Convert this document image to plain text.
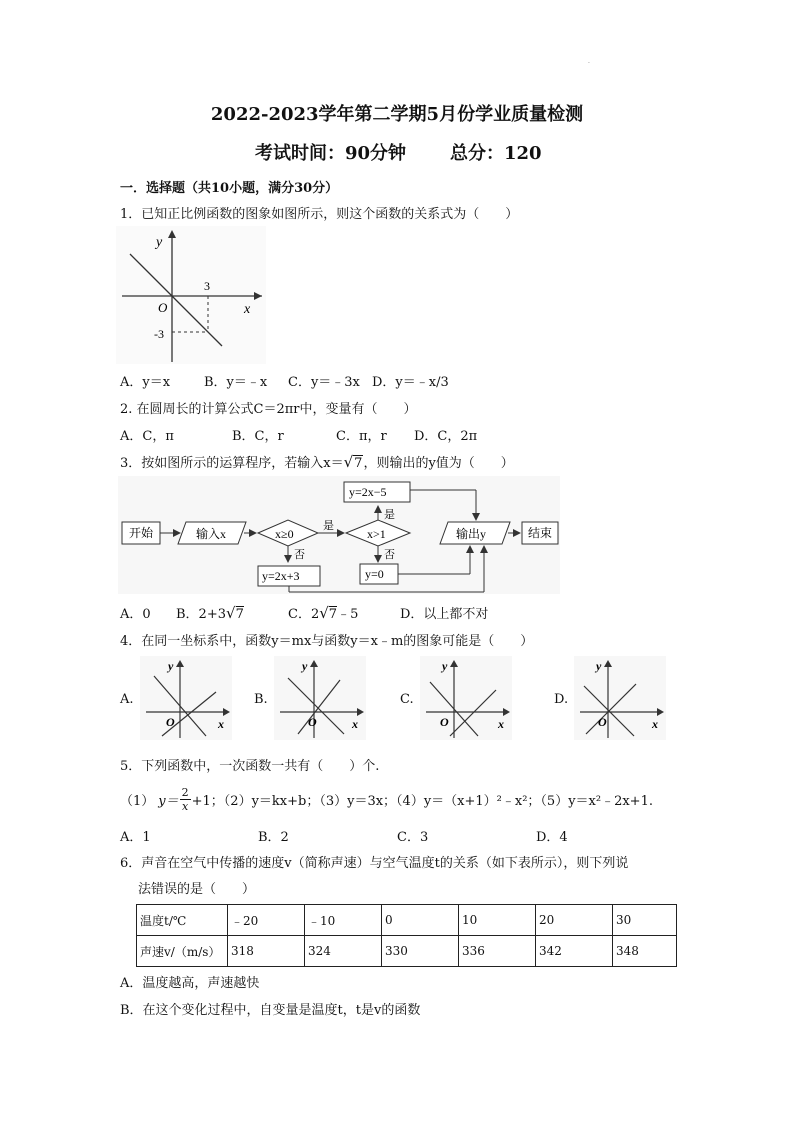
·
2022-2023学年第二学期5月份学业质量检测
考试时间：90分钟 总分：120
一．选择题（共10小题，满分30分）
1．已知正比例函数的图象如图所示，则这个函数的关系式为（　　）
y
x
O
3
-3
A．y＝x	B．y＝﹣x C．y＝﹣3x D．y＝﹣x/3
2. 在圆周长的计算公式C＝2πr中，变量有（　　）
A．C，π	B．C，r	C．π，r D．C，2π
3．按如图所示的运算程序，若输入x＝√7，则输出的y值为（　　）
开始	输入x	x≥0
是
否
y=2x+3
x>1
是
否
y=2x−5
y=0
输出y	结束
A．0 B．2+3√7	C．2√7﹣5	D．以上都不对
4．在同一坐标系中，函数y＝mx与函数y＝x﹣m的图象可能是（　　）
A.
y
x
O
B.
y
x
O
C.
y
x
O
D.
y
x
O
5．下列函数中，一次函数一共有（　　）个.
（1） $y= \frac{2}{x} +1$；（2）y＝kx+b；（3）y＝3x；（4）y＝（x+1）²﹣x²；（5）y＝x²﹣2x+1.
A．1	B．2	C．3	D．4
6．声音在空气中传播的速度v（简称声速）与空气温度t的关系（如下表所示），则下列说
法错误的是（　　）
温度t/℃	﹣20	﹣10	0	10	20	30
声速v/（m/s）	318	324	330	336	342	348
A．温度越高，声速越快
B．在这个变化过程中，自变量是温度t，t是v的函数
